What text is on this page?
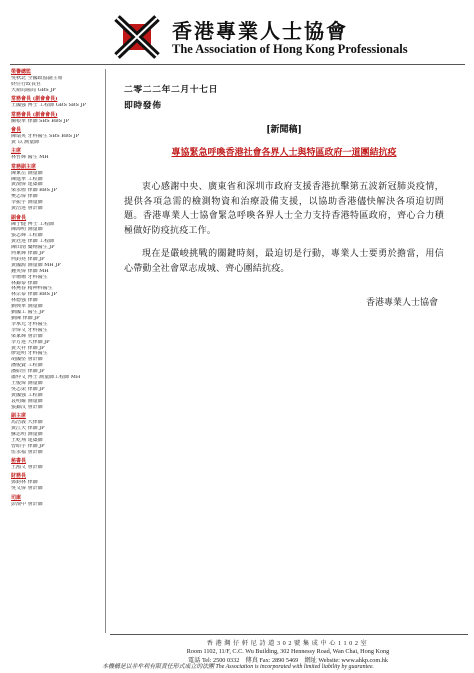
香港專業人士協會
The Association of Hong Kong Professionals
榮譽總監
吳秋北 全國政協副主席
終任行政長官
大衛局醫局 GBS JP
常務會長 (創會會長)
王國強 博士 工程師 GBS SBS JP
常務會長 (創會會長)
關根華 律師 SBS BBS JP
會長
陳瑞英 牙科醫生 SBS BBS JP
黃 以 測量師
主席
林哲輝 醫生 MH
常務副主席
陳東岳 測量師
陳進華 工程師
黃漢偉 建築師
梁永標 律師 BBS JP
樊志偉 律師
李振宇 測量師
黃浩達 會計師
副會長
陳子健 博士 工程師
陳海明 測量師
張志輝 工程師
黃冠達 律師 工程師
陳田南 藥劑醫生 JP
何東輝 律師 JP
何釣堯 律師 JP
黃國源 測量師 MH JP
鍾英偉 律師 MH
李珊珊 牙科醫生
林錦泰 律師
林燕春 精神科醫生
林宗泰 律師 BBS JP
林德強 律師
劉興華 測量師
劉國工 醫生 JP
劉陳 律師 JP
李承元 牙科醫生
李偉文 牙科醫生
梁家輝 會計師
李方達 大律師 JP
黃天祥 律師 JP
廖建明 牙科醫生
胡國堅 會計師
潘俊賢 工程師
潘紹佳 律師 JP
蕭仲文 博士 測量師工程師 MH
王俊煒 測量師
吳志榮 律師 JP
黃國強 工程師
袁明耀 測量師
張錦汶 會計師
副主席
馬浩義 大律師
黃江天 律師 JP
蘇思明 測量師
王屹翔 建築師
曾昭宇 律師 JP
伍永福 會計師
秘書長
王鴻文 會計師
財務長
鄧鈞林 律師
吳文偉 會計師
司庫
彭漢中 會計師
二零二二年二月十七日
即時發佈
[新聞稿]
專協緊急呼喚香港社會各界人士與特區政府一道團結抗疫

衷心感謝中央、廣東省和深圳市政府支援香港抗擊第五波新冠肺炎疫情，提供各項急需的檢測物資和治療設備支援，以協助香港儘快解決各項迫切問題。香港專業人士協會緊急呼喚各界人士全力支持香港特區政府，齊心合力積極做好防疫抗疫工作。

現在是嚴峻挑戰的關鍵時刻，最迫切是行動，專業人士要勇於擔當，用信心帶動全社會眾志成城、齊心團結抗疫。

香港專業人士協會
香港灣仔軒尼詩道302號集成中心1102室
Room 1102, 11/F, C.C. Wu Building, 302 Hennessy Road, Wan Chai, Hong Kong
電話 Tel: 2500 0332　傳真 Fax: 2890 5469　網址 Website: www.ahkp.com.hk
本機構是以非牟利有限責任形式成立的法團 The Association is incorporated with limited liability by guarantee.
